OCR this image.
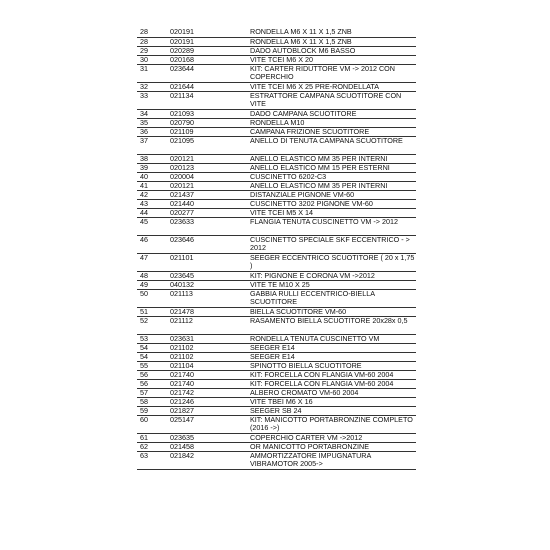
28	020191	RONDELLA M6 X 11 X 1,5 ZNB
28	020191	RONDELLA M6 X 11 X 1,5 ZNB
29	020289	DADO AUTOBLOCK M6 BASSO
30	020168	VITE TCEI M6 X 20
31	023644	KIT: CARTER RIDUTTORE VM -> 2012 CON COPERCHIO
32	021644	VITE TCEI M6 X 25 PRE-RONDELLATA
33	021134	ESTRATTORE CAMPANA SCUOTITORE CON VITE
34	021093	DADO CAMPANA SCUOTITORE
35	020790	RONDELLA M10
36	021109	CAMPANA FRIZIONE SCUOTITORE
37	021095	ANELLO DI TENUTA CAMPANA SCUOTITORE
38	020121	ANELLO ELASTICO MM 35 PER INTERNI
39	020123	ANELLO ELASTICO MM 15 PER ESTERNI
40	020004	CUSCINETTO 6202-C3
41	020121	ANELLO ELASTICO MM 35 PER INTERNI
42	021437	DISTANZIALE PIGNONE VM-60
43	021440	CUSCINETTO 3202 PIGNONE VM-60
44	020277	VITE TCEI M5 X 14
45	023633	FLANGIA TENUTA CUSCINETTO VM -> 2012
46	023646	CUSCINETTO SPECIALE SKF ECCENTRICO - > 2012
47	021101	SEEGER ECCENTRICO SCUOTITORE ( 20 x 1,75 )
48	023645	KIT: PIGNONE E CORONA VM ->2012
49	040132	VITE TE M10 X 25
50	021113	GABBIA RULLI ECCENTRICO-BIELLA SCUOTITORE
51	021478	BIELLA SCUOTITORE VM-60
52	021112	RASAMENTO BIELLA SCUOTITORE 20x28x 0,5
53	023631	RONDELLA TENUTA CUSCINETTO VM
54	021102	SEEGER E14
54	021102	SEEGER E14
55	021104	SPINOTTO BIELLA SCUOTITORE
56	021740	KIT: FORCELLA CON FLANGIA VM-60 2004
56	021740	KIT: FORCELLA CON FLANGIA VM-60 2004
57	021742	ALBERO CROMATO VM-60 2004
58	021246	VITE TBEI M6 X 16
59	021827	SEEGER SB 24
60	025147	KIT: MANICOTTO PORTABRONZINE COMPLETO (2016 ->)
61	023635	COPERCHIO CARTER VM ->2012
62	021458	OR MANICOTTO PORTABRONZINE
63	021842	AMMORTIZZATORE IMPUGNATURA VIBRAMOTOR 2005->
